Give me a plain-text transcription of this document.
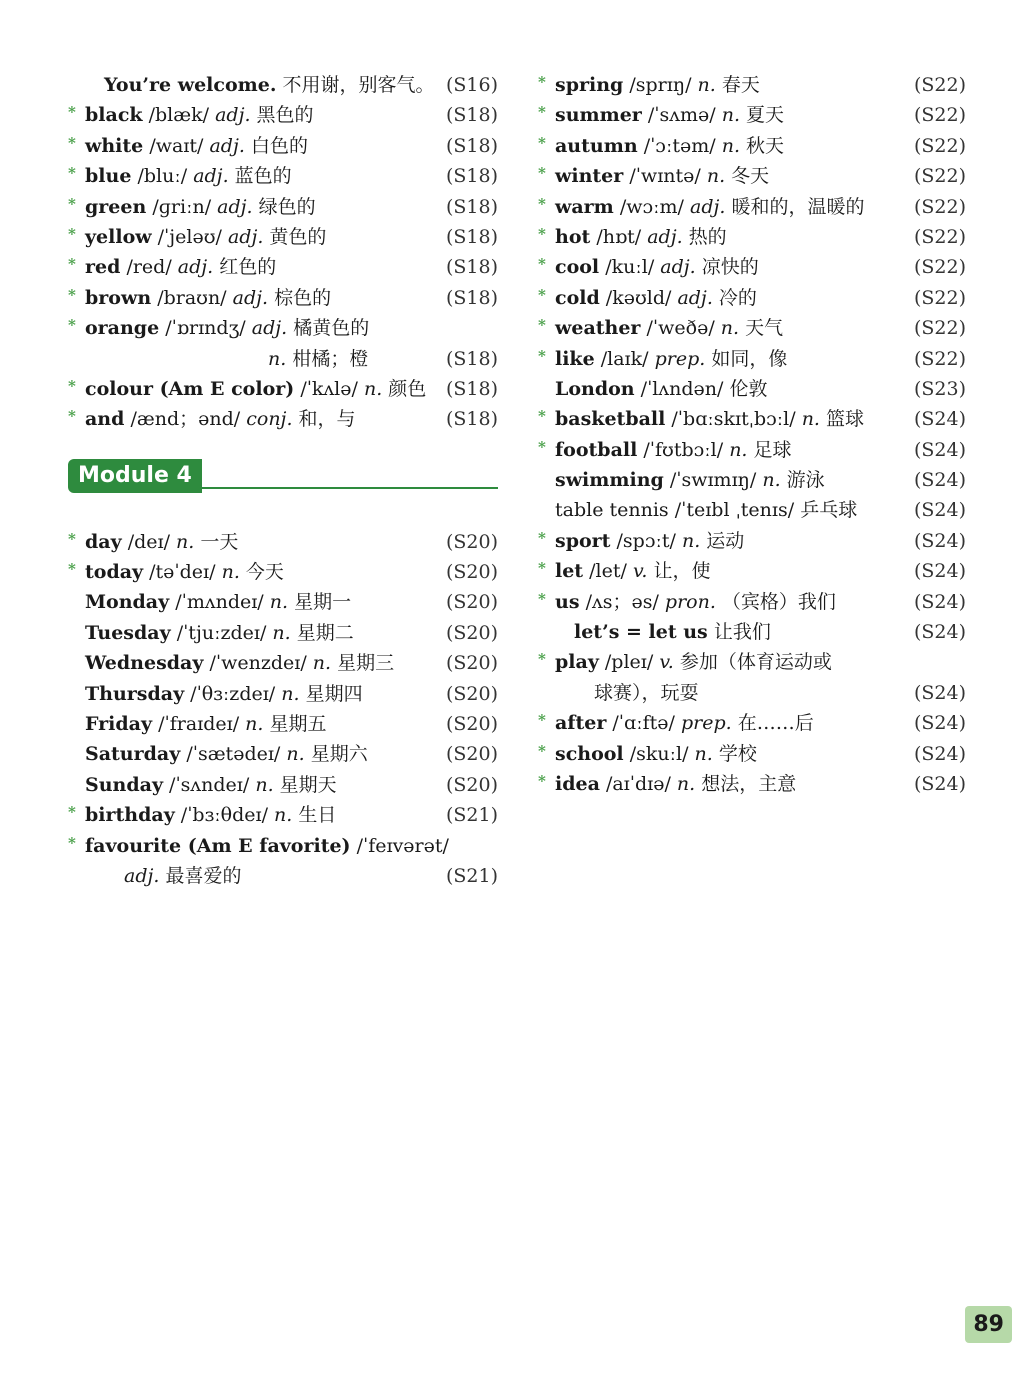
You’re welcome. 不用谢，别客气。 (S16)
* black /blæk/ adj. 黑色的	(S18)
* white /waɪt/ adj. 白色的	(S18)
* blue /bluː/ adj. 蓝色的	(S18)
* green /ɡriːn/ adj. 绿色的	(S18)
* yellow /ˈjeləʊ/ adj. 黄色的	(S18)
* red /red/ adj. 红色的	(S18)
* brown /braʊn/ adj. 棕色的	(S18)
* orange /ˈɒrɪndʒ/ adj. 橘黄色的
n. 柑橘；橙	(S18)
* colour (Am E color) /ˈkʌlə/ n. 颜色 (S18)
* and /ænd；ənd/ conj. 和，与	(S18)
Module 4
* day /deɪ/ n. 一天	(S20)
* today /təˈdeɪ/ n. 今天	(S20)
Monday /ˈmʌndeɪ/ n. 星期一	(S20)
Tuesday /ˈtjuːzdeɪ/ n. 星期二	(S20)
Wednesday /ˈwenzdeɪ/ n. 星期三	(S20)
Thursday /ˈθɜːzdeɪ/ n. 星期四	(S20)
Friday /ˈfraɪdeɪ/ n. 星期五	(S20)
Saturday /ˈsætədeɪ/ n. 星期六	(S20)
Sunday /ˈsʌndeɪ/ n. 星期天	(S20)
* birthday /ˈbɜːθdeɪ/ n. 生日	(S21)
* favourite (Am E favorite) /ˈfeɪvərət/
adj. 最喜爱的	(S21)
* spring /sprɪŋ/ n. 春天	(S22)
* summer /ˈsʌmə/ n. 夏天	(S22)
* autumn /ˈɔːtəm/ n. 秋天	(S22)
* winter /ˈwɪntə/ n. 冬天	(S22)
* warm /wɔːm/ adj. 暖和的，温暖的	(S22)
* hot /hɒt/ adj. 热的	(S22)
* cool /kuːl/ adj. 凉快的	(S22)
* cold /kəʊld/ adj. 冷的	(S22)
* weather /ˈweðə/ n. 天气	(S22)
* like /laɪk/ prep. 如同，像	(S22)
London /ˈlʌndən/ 伦敦	(S23)
* basketball /ˈbɑːskɪtˌbɔːl/ n. 篮球	(S24)
* football /ˈfʊtbɔːl/ n. 足球	(S24)
swimming /ˈswɪmɪŋ/ n. 游泳	(S24)
table tennis /ˈteɪbl ˌtenɪs/ 乒乓球	(S24)
* sport /spɔːt/ n. 运动	(S24)
* let /let/ v. 让，使	(S24)
* us /ʌs；əs/ pron. （宾格）我们	(S24)
let’s = let us 让我们	(S24)
* play /pleɪ/ v. 参加（体育运动或
球赛），玩耍	(S24)
* after /ˈɑːftə/ prep. 在……后	(S24)
* school /skuːl/ n. 学校	(S24)
* idea /aɪˈdɪə/ n. 想法，主意	(S24)
89
